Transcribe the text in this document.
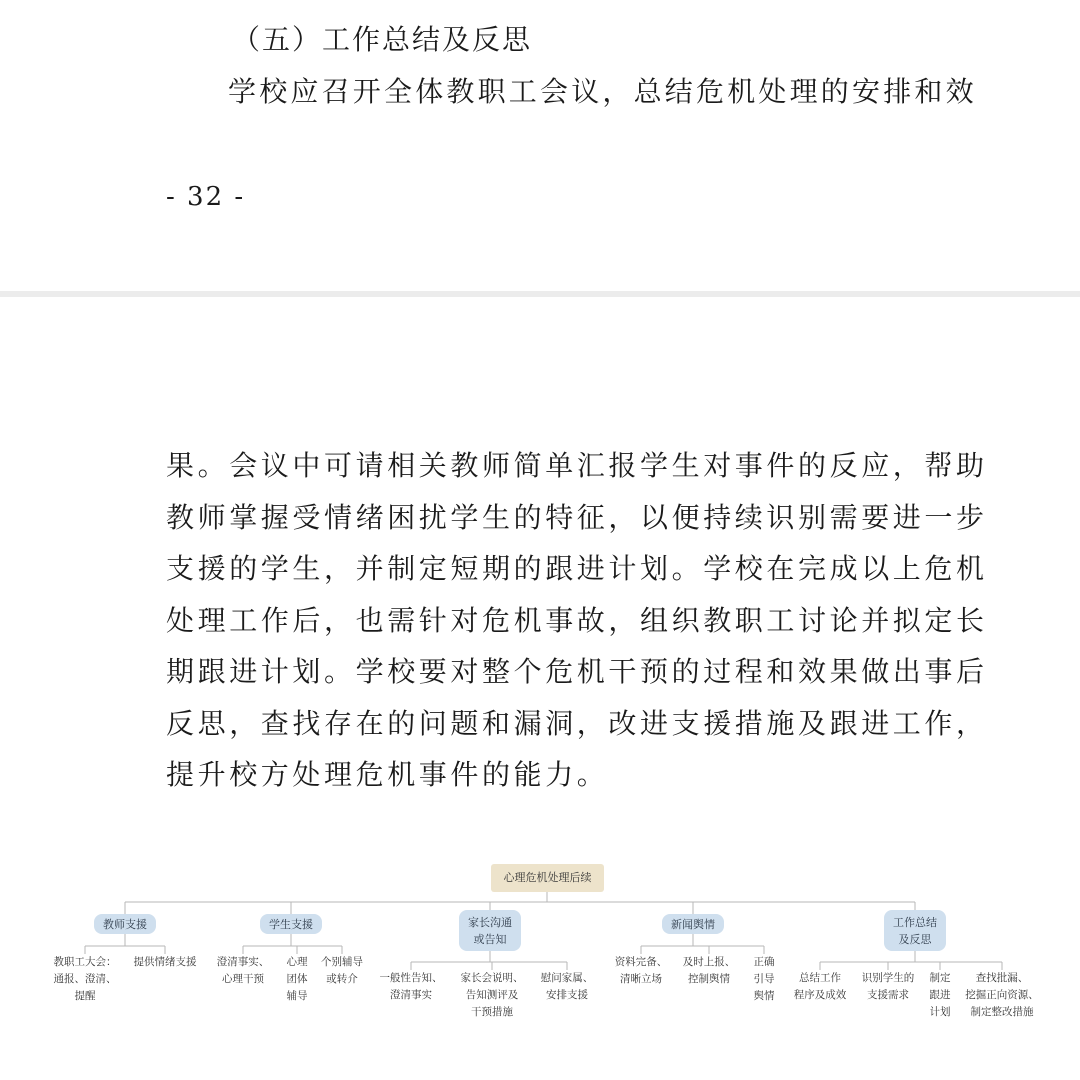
（五）工作总结及反思
学校应召开全体教职工会议，总结危机处理的安排和效
- 32 -
果。会议中可请相关教师简单汇报学生对事件的反应，帮助
教师掌握受情绪困扰学生的特征，以便持续识别需要进一步
支援的学生，并制定短期的跟进计划。学校在完成以上危机
处理工作后，也需针对危机事故，组织教职工讨论并拟定长
期跟进计划。学校要对整个危机干预的过程和效果做出事后
反思，查找存在的问题和漏洞，改进支援措施及跟进工作，
提升校方处理危机事件的能力。
心理危机处理后续
教师支援	学生支援	家长沟通
或告知
新闻舆情	工作总结
及反思
教职工大会：
通报、澄清、
提醒
提供情绪支援	澄清事实、
心理干预
心理
团体
辅导
个别辅导
或转介	一般性告知、
澄清事实
家长会说明、
告知测评及
干预措施
慰问家属、
安排支援
资料完备、
清晰立场
及时上报、
控制舆情
正确
引导
舆情
总结工作
程序及成效
识别学生的
支援需求
制定
跟进
计划
查找批漏、
挖掘正向资源、
制定整改措施
